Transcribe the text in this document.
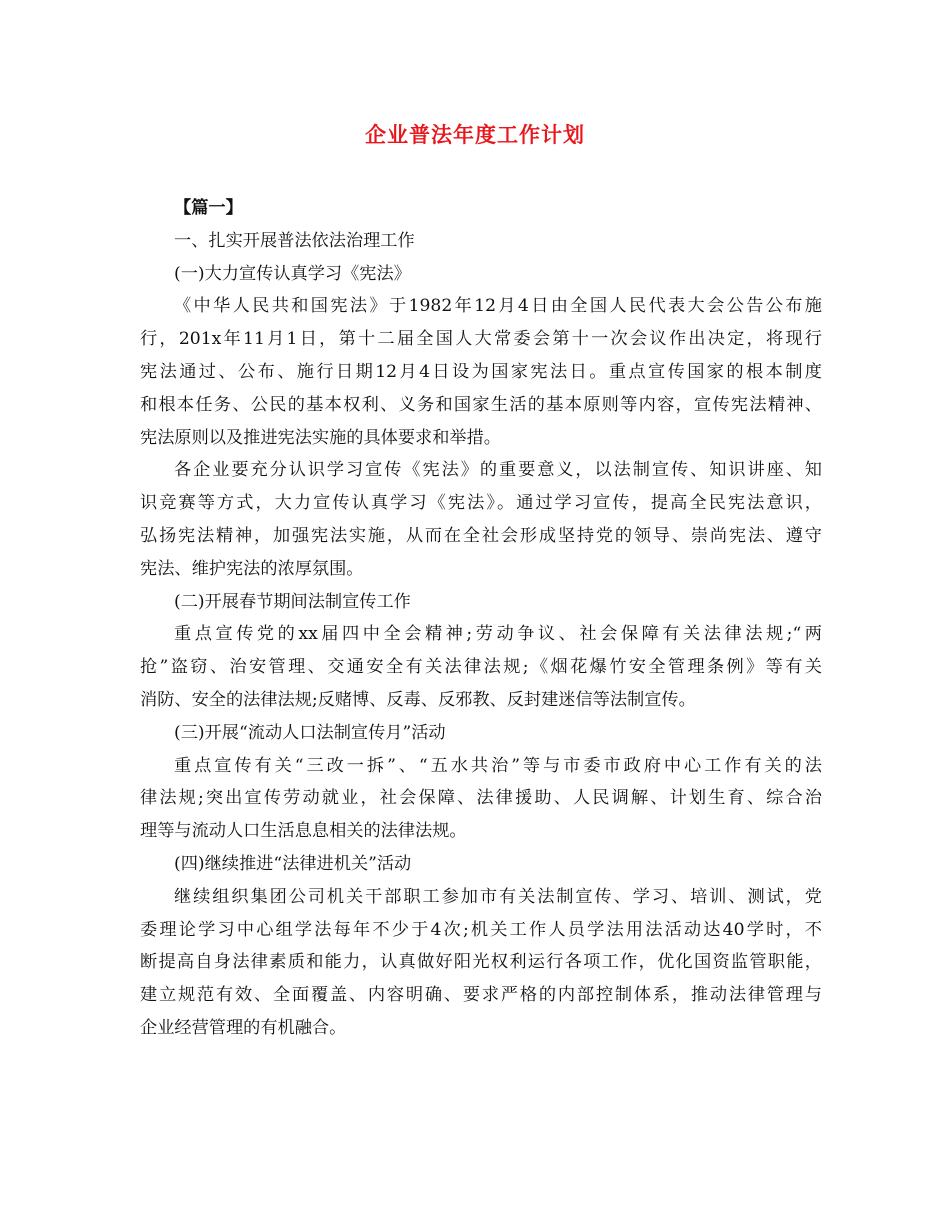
企业普法年度工作计划
【篇一】
一、扎实开展普法依法治理工作
(一)大力宣传认真学习《宪法》
《中华人民共和国宪法》于1982年12月4日由全国人民代表大会公告公布施
行，201x年11月1日，第十二届全国人大常委会第十一次会议作出决定，将现行
宪法通过、公布、施行日期12月4日设为国家宪法日。重点宣传国家的根本制度
和根本任务、公民的基本权利、义务和国家生活的基本原则等内容，宣传宪法精神、
宪法原则以及推进宪法实施的具体要求和举措。
各企业要充分认识学习宣传《宪法》的重要意义，以法制宣传、知识讲座、知
识竞赛等方式，大力宣传认真学习《宪法》。通过学习宣传，提高全民宪法意识，
弘扬宪法精神，加强宪法实施，从而在全社会形成坚持党的领导、崇尚宪法、遵守
宪法、维护宪法的浓厚氛围。
(二)开展春节期间法制宣传工作
重点宣传党的xx届四中全会精神;劳动争议、社会保障有关法律法规;“两
抢”盗窃、治安管理、交通安全有关法律法规;《烟花爆竹安全管理条例》等有关
消防、安全的法律法规;反赌博、反毒、反邪教、反封建迷信等法制宣传。
(三)开展“流动人口法制宣传月”活动
重点宣传有关“三改一拆”、“五水共治”等与市委市政府中心工作有关的法
律法规;突出宣传劳动就业，社会保障、法律援助、人民调解、计划生育、综合治
理等与流动人口生活息息相关的法律法规。
(四)继续推进“法律进机关”活动
继续组织集团公司机关干部职工参加市有关法制宣传、学习、培训、测试，党
委理论学习中心组学法每年不少于4次;机关工作人员学法用法活动达40学时，不
断提高自身法律素质和能力，认真做好阳光权利运行各项工作，优化国资监管职能，
建立规范有效、全面覆盖、内容明确、要求严格的内部控制体系，推动法律管理与
企业经营管理的有机融合。
